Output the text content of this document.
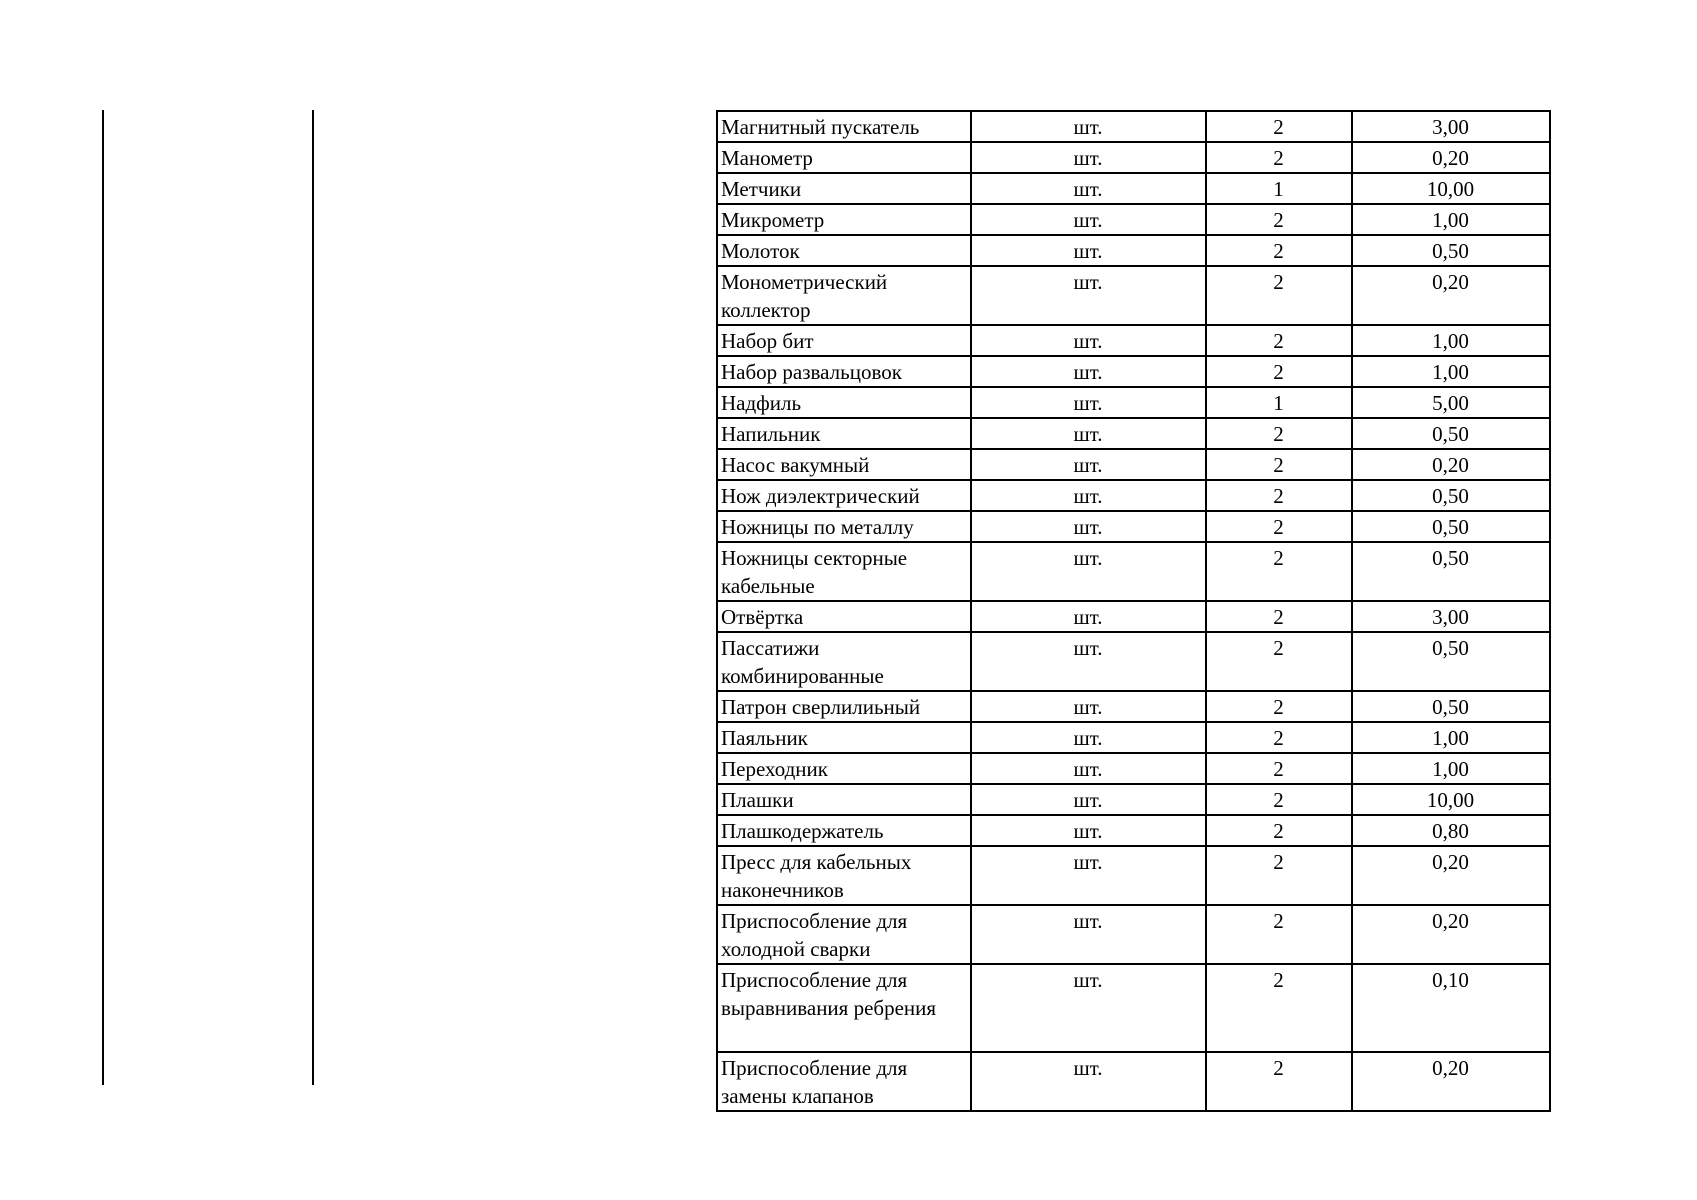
Магнитный пускатель	шт.	2	3,00
Манометр	шт.	2	0,20
Метчики	шт.	1	10,00
Микрометр	шт.	2	1,00
Молоток	шт.	2	0,50
Монометрический коллектор	шт.	2	0,20
Набор бит	шт.	2	1,00
Набор развальцовок	шт.	2	1,00
Надфиль	шт.	1	5,00
Напильник	шт.	2	0,50
Насос вакумный	шт.	2	0,20
Нож диэлектрический	шт.	2	0,50
Ножницы по металлу	шт.	2	0,50
Ножницы секторные кабельные	шт.	2	0,50
Отвёртка	шт.	2	3,00
Пассатижи комбинированные	шт.	2	0,50
Патрон сверлилиьный	шт.	2	0,50
Паяльник	шт.	2	1,00
Переходник	шт.	2	1,00
Плашки	шт.	2	10,00
Плашкодержатель	шт.	2	0,80
Пресс для кабельных наконечников	шт.	2	0,20
Приспособление для холодной сварки	шт.	2	0,20
Приспособление для выравнивания ребрения	шт.	2	0,10
Приспособление для замены клапанов	шт.	2	0,20
